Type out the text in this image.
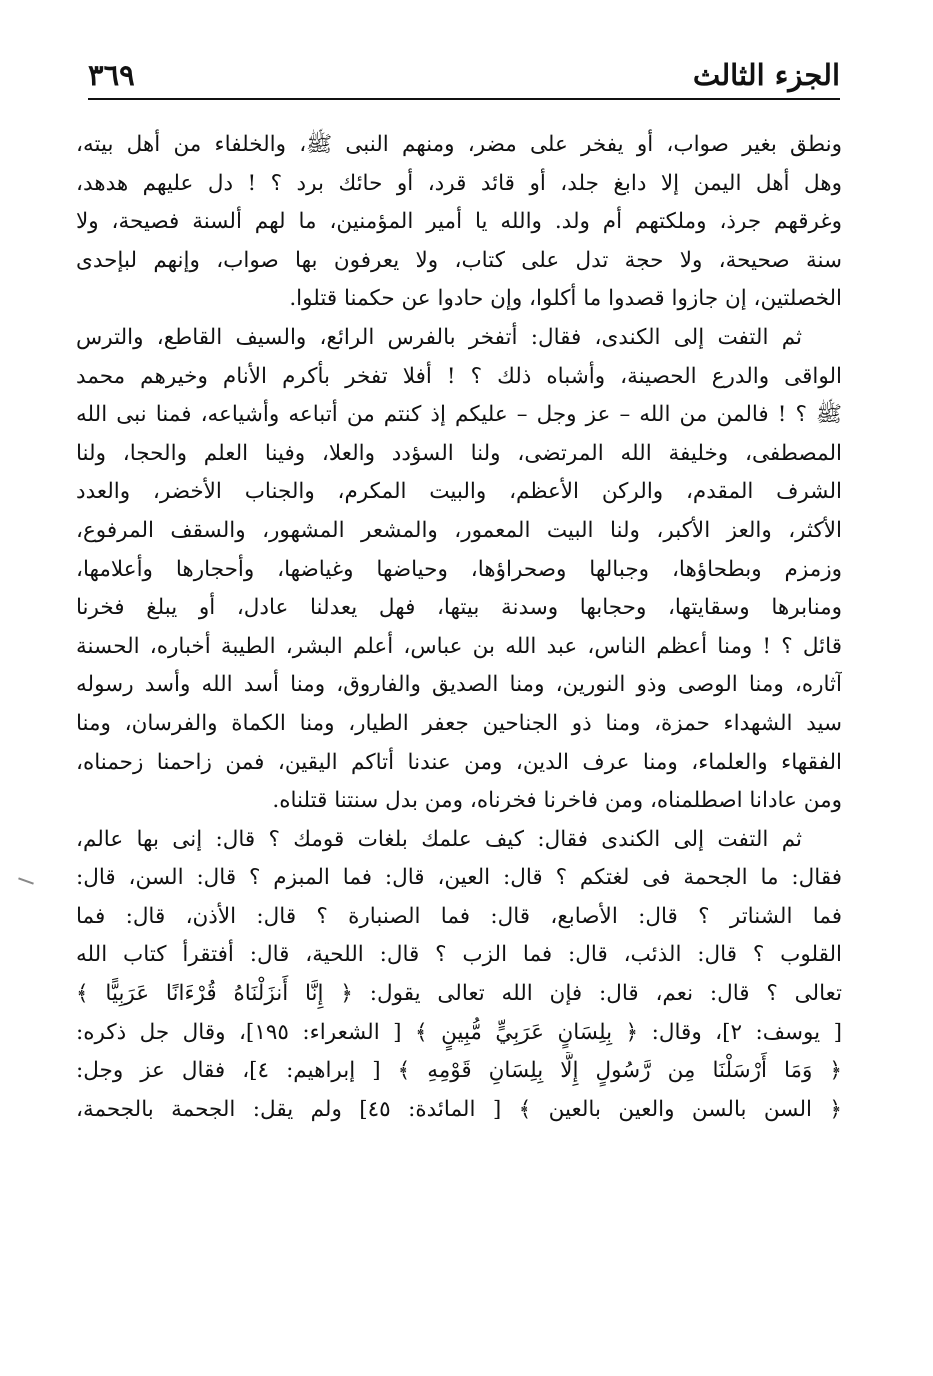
الجزء الثالث
٣٦٩
ونطق بغير صواب، أو يفخر على مضر، ومنهم النبى ﷺ، والخلفاء من أهل بيته،
وهل أهل اليمن إلا دابغ جلد، أو قائد قرد، أو حائك برد ؟ ! دل عليهم هدهد،
وغرقهم جرذ، وملكتهم أم ولد. والله يا أمير المؤمنين، ما لهم ألسنة فصيحة، ولا
سنة صحيحة، ولا حجة تدل على كتاب، ولا يعرفون بها صواب، وإنهم لبإحدى
الخصلتين، إن جازوا قصدوا ما أكلوا، وإن حادوا عن حكمنا قتلوا.
ثم التفت إلى الكندى، فقال: أتفخر بالفرس الرائع، والسيف القاطع، والترس
الواقى والدرع الحصينة، وأشباه ذلك ؟ ! أفلا تفخر بأكرم الأنام وخيرهم محمد
ﷺ ؟ ! فالمن من الله – عز وجل – عليكم إذ كنتم من أتباعه وأشياعه، فمنا نبى الله
المصطفى، وخليفة الله المرتضى، ولنا السؤدد والعلا، وفينا العلم والحجا، ولنا
الشرف المقدم، والركن الأعظم، والبيت المكرم، والجناب الأخضر، والعدد
الأكثر، والعز الأكبر، ولنا البيت المعمور، والمشعر المشهور، والسقف المرفوع،
وزمزم وبطحاؤها، وجبالها وصحراؤها، وحياضها وغياضها، وأحجارها وأعلامها،
ومنابرها وسقايتها، وحجابها وسدنة بيتها، فهل يعدلنا عادل، أو يبلغ فخرنا
قائل ؟ ! ومنا أعظم الناس، عبد الله بن عباس، أعلم البشر، الطيبة أخباره، الحسنة
آثاره، ومنا الوصى وذو النورين، ومنا الصديق والفاروق، ومنا أسد الله وأسد رسوله
سيد الشهداء حمزة، ومنا ذو الجناحين جعفر الطيار، ومنا الكماة والفرسان، ومنا
الفقهاء والعلماء، ومنا عرف الدين، ومن عندنا أتاكم اليقين، فمن زاحمنا زحمناه،
ومن عادانا اصطلمناه، ومن فاخرنا فخرناه، ومن بدل سنتنا قتلناه.
ثم التفت إلى الكندى فقال: كيف علمك بلغات قومك ؟ قال: إنى بها عالم،
فقال: ما الجحمة فى لغتكم ؟ قال: العين، قال: فما المبزم ؟ قال: السن، قال:
فما الشناتر ؟ قال: الأصابع، قال: فما الصنبارة ؟ قال: الأذن، قال: فما
القلوب ؟ قال: الذئب، قال: فما الزب ؟ قال: اللحية، قال: أفتقرأ كتاب الله
تعالى ؟ قال: نعم، قال: فإن الله تعالى يقول: ﴿ إِنَّا أَنزَلْنَاهُ قُرْءَانًا عَرَبِيًّا ﴾
[ يوسف: ٢]، وقال: ﴿ بِلِسَانٍ عَرَبِيٍّ مُّبِينٍ ﴾ [ الشعراء: ١٩٥]، وقال جل ذكره:
﴿ وَمَا أَرْسَلْنَا مِن رَّسُولٍ إِلَّا بِلِسَانِ قَوْمِهِ ﴾ [ إبراهيم: ٤]، فقال عز وجل:
﴿ السن بالسن والعين بالعين ﴾ [ المائدة: ٤٥] ولم يقل: الجحمة بالجحمة،
